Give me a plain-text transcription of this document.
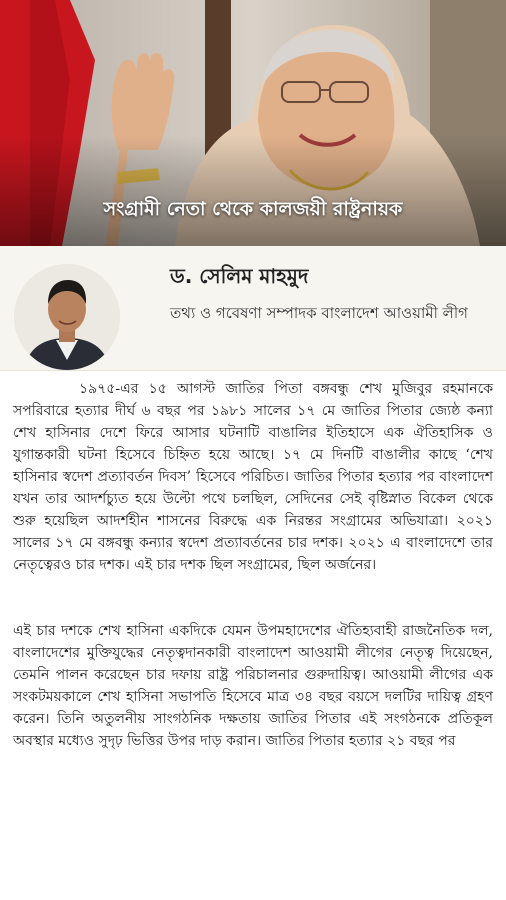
সংগ্রামী নেতা থেকে কালজয়ী রাষ্ট্রনায়ক
ড. সেলিম মাহমুদ
তথ্য ও গবেষণা সম্পাদক বাংলাদেশ আওয়ামী লীগ

১৯৭৫-এর ১৫ আগস্ট জাতির পিতা বঙ্গবন্ধু শেখ মুজিবুর রহমানকে সপরিবারে হত্যার দীর্ঘ ৬ বছর পর ১৯৮১ সালের ১৭ মে জাতির পিতার জ্যেষ্ঠ কন্যা শেখ হাসিনার দেশে ফিরে আসার ঘটনাটি বাঙালির ইতিহাসে এক ঐতিহাসিক ও যুগান্তকারী ঘটনা হিসেবে চিহ্নিত হয়ে আছে। ১৭ মে দিনটি বাঙালীর কাছে ‘শেখ হাসিনার স্বদেশ প্রত্যাবর্তন দিবস’ হিসেবে পরিচিত। জাতির পিতার হত্যার পর বাংলাদেশ যখন তার আদর্শচ্যুত হয়ে উল্টো পথে চলছিল, সেদিনের সেই বৃষ্টিস্নাত বিকেল থেকে শুরু হয়েছিল আদর্শহীন শাসনের বিরুদ্ধে এক নিরন্তর সংগ্রামের অভিযাত্রা। ২০২১ সালের ১৭ মে বঙ্গবন্ধু কন্যার স্বদেশ প্রত্যাবর্তনের চার দশক। ২০২১ এ বাংলাদেশে তার নেতৃত্বেরও চার দশক। এই চার দশক ছিল সংগ্রামের, ছিল অর্জনের।

এই চার দশকে শেখ হাসিনা একদিকে যেমন উপমহাদেশের ঐতিহ্যবাহী রাজনৈতিক দল, বাংলাদেশের মুক্তিযুদ্ধের নেতৃত্বদানকারী বাংলাদেশ আওয়ামী লীগের নেতৃত্ব দিয়েছেন, তেমনি পালন করেছেন চার দফায় রাষ্ট্র পরিচালনার গুরুদায়িত্ব। আওয়ামী লীগের এক সংকটময়কালে শেখ হাসিনা সভাপতি হিসেবে মাত্র ৩৪ বছর বয়সে দলটির দায়িত্ব গ্রহণ করেন। তিনি অতুলনীয় সাংগঠনিক দক্ষতায় জাতির পিতার এই সংগঠনকে প্রতিকূল অবস্থার মধ্যেও সুদৃঢ় ভিত্তির উপর দাড় করান। জাতির পিতার হত্যার ২১ বছর পর
